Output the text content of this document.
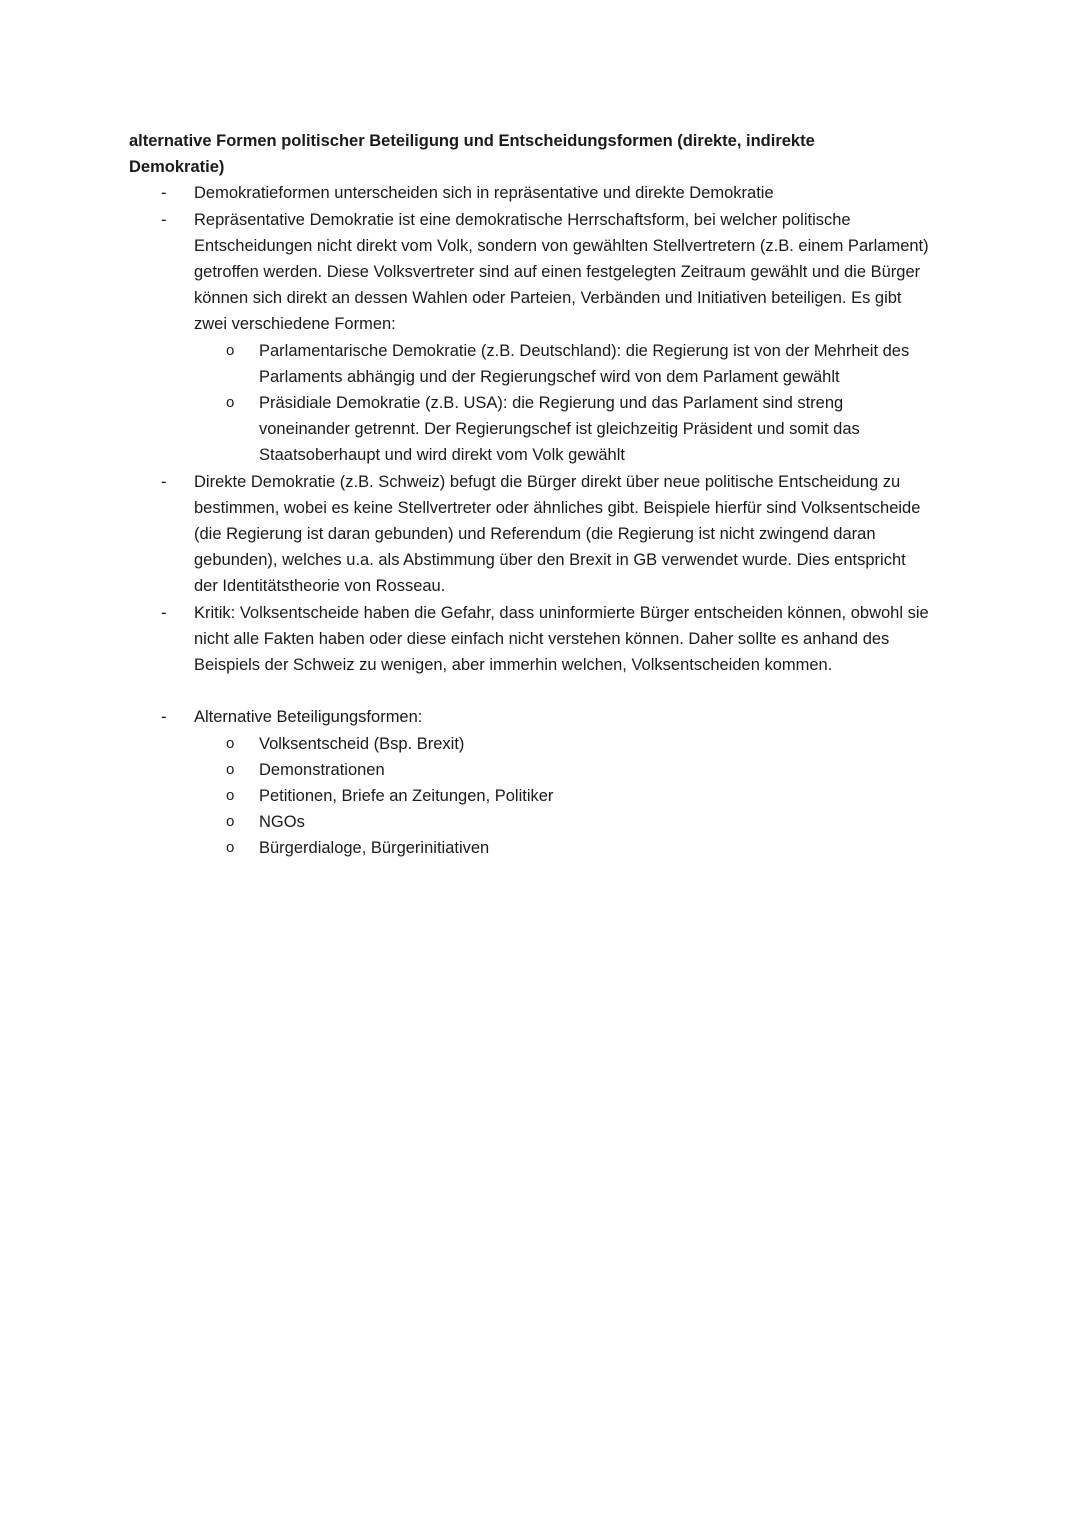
alternative Formen politischer Beteiligung und Entscheidungsformen (direkte, indirekte Demokratie)

- Demokratieformen unterscheiden sich in repräsentative und direkte Demokratie
- Repräsentative Demokratie ist eine demokratische Herrschaftsform, bei welcher politische Entscheidungen nicht direkt vom Volk, sondern von gewählten Stellvertretern (z.B. einem Parlament) getroffen werden. Diese Volksvertreter sind auf einen festgelegten Zeitraum gewählt und die Bürger können sich direkt an dessen Wahlen oder Parteien, Verbänden und Initiativen beteiligen. Es gibt zwei verschiedene Formen:
o Parlamentarische Demokratie (z.B. Deutschland): die Regierung ist von der Mehrheit des Parlaments abhängig und der Regierungschef wird von dem Parlament gewählt
o Präsidiale Demokratie (z.B. USA): die Regierung und das Parlament sind streng voneinander getrennt. Der Regierungschef ist gleichzeitig Präsident und somit das Staatsoberhaupt und wird direkt vom Volk gewählt
- Direkte Demokratie (z.B. Schweiz) befugt die Bürger direkt über neue politische Entscheidung zu bestimmen, wobei es keine Stellvertreter oder ähnliches gibt. Beispiele hierfür sind Volksentscheide (die Regierung ist daran gebunden) und Referendum (die Regierung ist nicht zwingend daran gebunden), welches u.a. als Abstimmung über den Brexit in GB verwendet wurde. Dies entspricht der Identitätstheorie von Rosseau.
- Kritik: Volksentscheide haben die Gefahr, dass uninformierte Bürger entscheiden können, obwohl sie nicht alle Fakten haben oder diese einfach nicht verstehen können. Daher sollte es anhand des Beispiels der Schweiz zu wenigen, aber immerhin welchen, Volksentscheiden kommen.
- Alternative Beteiligungsformen:
o Volksentscheid (Bsp. Brexit)
o Demonstrationen
o Petitionen, Briefe an Zeitungen, Politiker
o NGOs
o Bürgerdialoge, Bürgerinitiativen
